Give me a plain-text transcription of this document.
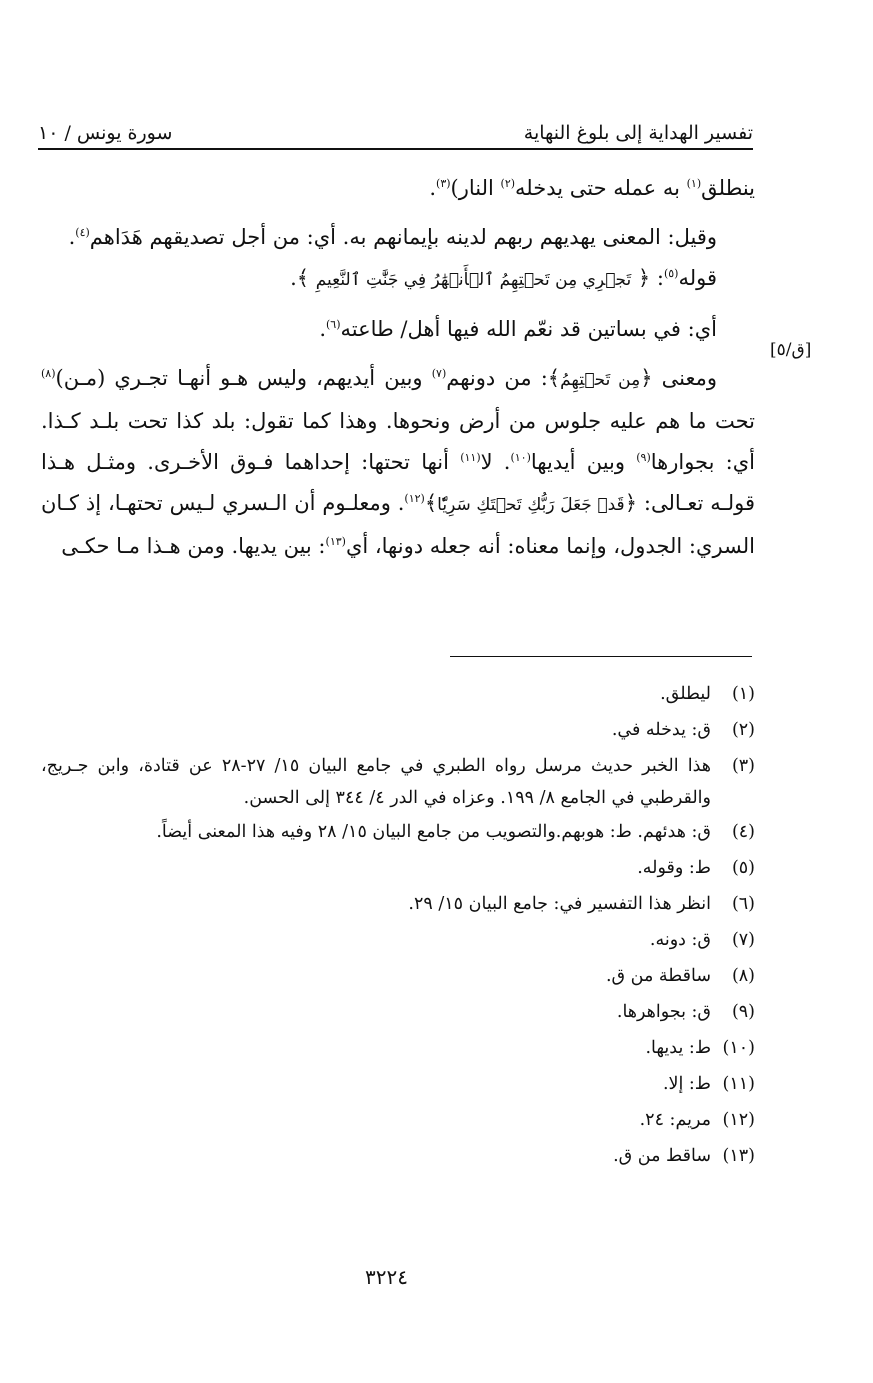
تفسير الهداية إلى بلوغ النهاية
سورة يونس / ١٠
[ق/٥]

ينطلق$^{(١)}$ به عمله حتى يدخله$^{(٢)}$ النار)$^{(٣)}$.

وقيل: المعنى يهديهم ربهم لدينه بإيمانهم به. أي: من أجل تصديقهم هَدَاهم$^{(٤)}$.

قوله$^{(٥)}$: ﴿ تَجۡرِي مِن تَحۡتِهِمُ ٱلۡأَنۡهَٰرُ فِي جَنَّٰتِ ٱلنَّعِيمِ ﴾.

أي: في بساتين قد نعّم الله فيها أهل/ طاعته$^{(٦)}$.

ومعنى ﴿مِن تَحۡتِهِمُ﴾: من دونهم$^{(٧)}$ وبين أيديهم، وليس هـو أنهـا تجـري (مـن)$^{(٨)}$ تحت ما هم عليه جلوس من أرض ونحوها. وهذا كما تقول: بلد كذا تحت بلـد كـذا. أي: بجوارها$^{(٩)}$ وبين أيديها$^{(١٠)}$. لا$^{(١١)}$ أنها تحتها: إحداهما فـوق الأخـرى. ومثـل هـذا قولـه تعـالى: ﴿قَدۡ جَعَلَ رَبُّكِ تَحۡتَكِ سَرِيّٗا﴾$^{(١٢)}$. ومعلـوم أن الـسري لـيس تحتهـا، إذ كـان السري: الجدول، وإنما معناه: أنه جعله دونها، أي$^{(١٣)}$: بين يديها. ومن هـذا مـا حكـى

(١)
ليطلق.
(٢)
ق: يدخله في.
(٣)
هذا الخبر حديث مرسل رواه الطبري في جامع البيان ١٥/ ٢٧-٢٨ عن قتادة، وابن جـريج، والقرطبي في الجامع ٨/ ١٩٩. وعزاه في الدر ٤/ ٣٤٤ إلى الحسن.
(٤)
ق: هدئهم. ط: هوبهم.والتصويب من جامع البيان ١٥/ ٢٨ وفيه هذا المعنى أيضاً.
(٥)
ط: وقوله.
(٦)
انظر هذا التفسير في: جامع البيان ١٥/ ٢٩.
(٧)
ق: دونه.
(٨)
ساقطة من ق.
(٩)
ق: بجواهرها.
(١٠)
ط: يديها.
(١١)
ط: إلا.
(١٢)
مريم: ٢٤.
(١٣)
ساقط من ق.
٣٢٢٤
